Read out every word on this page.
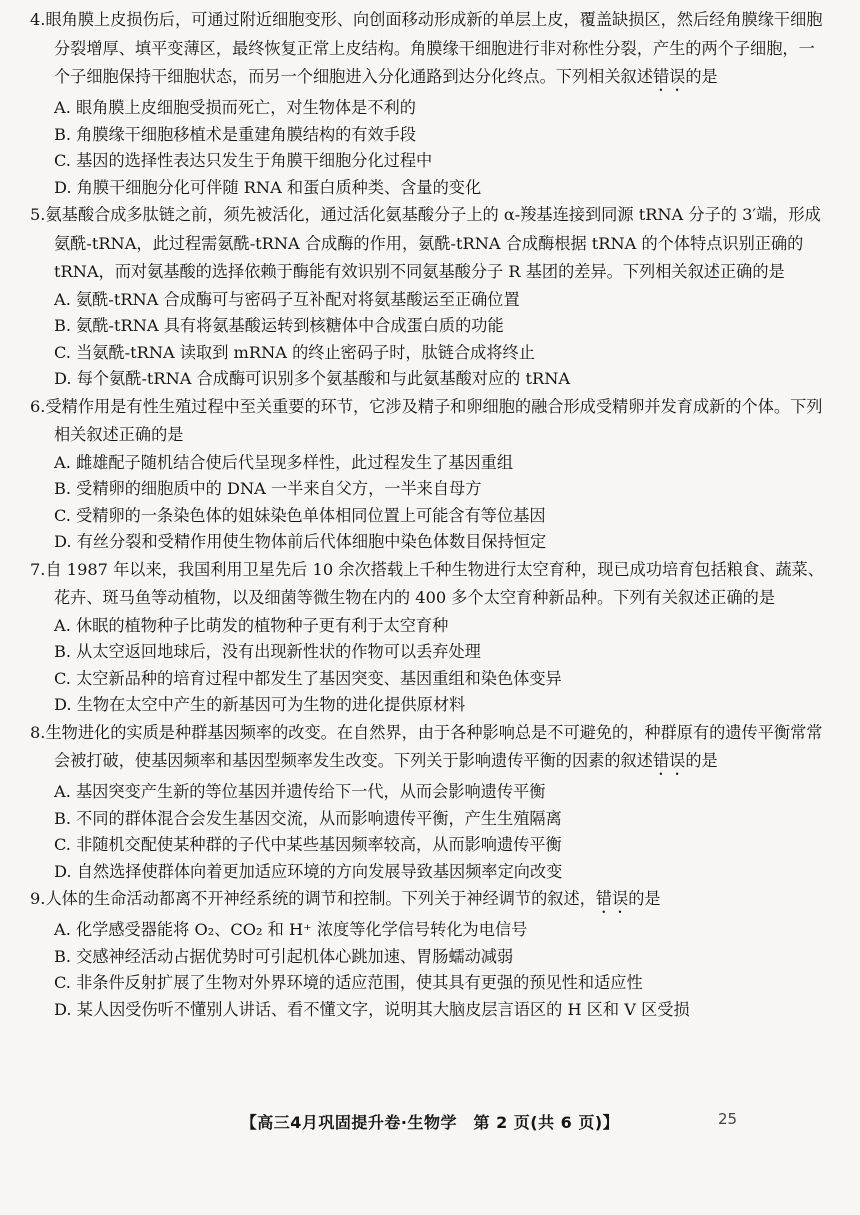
4.眼角膜上皮损伤后，可通过附近细胞变形、向创面移动形成新的单层上皮，覆盖缺损区，然后经角膜缘干细胞分裂增厚、填平变薄区，最终恢复正常上皮结构。角膜缘干细胞进行非对称性分裂，产生的两个子细胞，一个子细胞保持干细胞状态，而另一个细胞进入分化通路到达分化终点。下列相关叙述错误的是

A. 眼角膜上皮细胞受损而死亡，对生物体是不利的
B. 角膜缘干细胞移植术是重建角膜结构的有效手段
C. 基因的选择性表达只发生于角膜干细胞分化过程中
D. 角膜干细胞分化可伴随 RNA 和蛋白质种类、含量的变化

5.氨基酸合成多肽链之前，须先被活化，通过活化氨基酸分子上的 α-羧基连接到同源 tRNA 分子的 3′端，形成氨酰-tRNA，此过程需氨酰-tRNA 合成酶的作用，氨酰-tRNA 合成酶根据 tRNA 的个体特点识别正确的 tRNA，而对氨基酸的选择依赖于酶能有效识别不同氨基酸分子 R 基团的差异。下列相关叙述正确的是

A. 氨酰-tRNA 合成酶可与密码子互补配对将氨基酸运至正确位置
B. 氨酰-tRNA 具有将氨基酸运转到核糖体中合成蛋白质的功能
C. 当氨酰-tRNA 读取到 mRNA 的终止密码子时，肽链合成将终止
D. 每个氨酰-tRNA 合成酶可识别多个氨基酸和与此氨基酸对应的 tRNA

6.受精作用是有性生殖过程中至关重要的环节，它涉及精子和卵细胞的融合形成受精卵并发育成新的个体。下列相关叙述正确的是

A. 雌雄配子随机结合使后代呈现多样性，此过程发生了基因重组
B. 受精卵的细胞质中的 DNA 一半来自父方，一半来自母方
C. 受精卵的一条染色体的姐妹染色单体相同位置上可能含有等位基因
D. 有丝分裂和受精作用使生物体前后代体细胞中染色体数目保持恒定

7.自 1987 年以来，我国利用卫星先后 10 余次搭载上千种生物进行太空育种，现已成功培育包括粮食、蔬菜、花卉、斑马鱼等动植物，以及细菌等微生物在内的 400 多个太空育种新品种。下列有关叙述正确的是

A. 休眠的植物种子比萌发的植物种子更有利于太空育种
B. 从太空返回地球后，没有出现新性状的作物可以丢弃处理
C. 太空新品种的培育过程中都发生了基因突变、基因重组和染色体变异
D. 生物在太空中产生的新基因可为生物的进化提供原材料

8.生物进化的实质是种群基因频率的改变。在自然界，由于各种影响总是不可避免的，种群原有的遗传平衡常常会被打破，使基因频率和基因型频率发生改变。下列关于影响遗传平衡的因素的叙述错误的是

A. 基因突变产生新的等位基因并遗传给下一代，从而会影响遗传平衡
B. 不同的群体混合会发生基因交流，从而影响遗传平衡，产生生殖隔离
C. 非随机交配使某种群的子代中某些基因频率较高，从而影响遗传平衡
D. 自然选择使群体向着更加适应环境的方向发展导致基因频率定向改变

9.人体的生命活动都离不开神经系统的调节和控制。下列关于神经调节的叙述，错误的是

A. 化学感受器能将 O₂、CO₂ 和 H⁺ 浓度等化学信号转化为电信号
B. 交感神经活动占据优势时可引起机体心跳加速、胃肠蠕动减弱
C. 非条件反射扩展了生物对外界环境的适应范围，使其具有更强的预见性和适应性
D. 某人因受伤听不懂别人讲话、看不懂文字，说明其大脑皮层言语区的 H 区和 V 区受损
【高三4月巩固提升卷·生物学　第 2 页(共 6 页)】	25
